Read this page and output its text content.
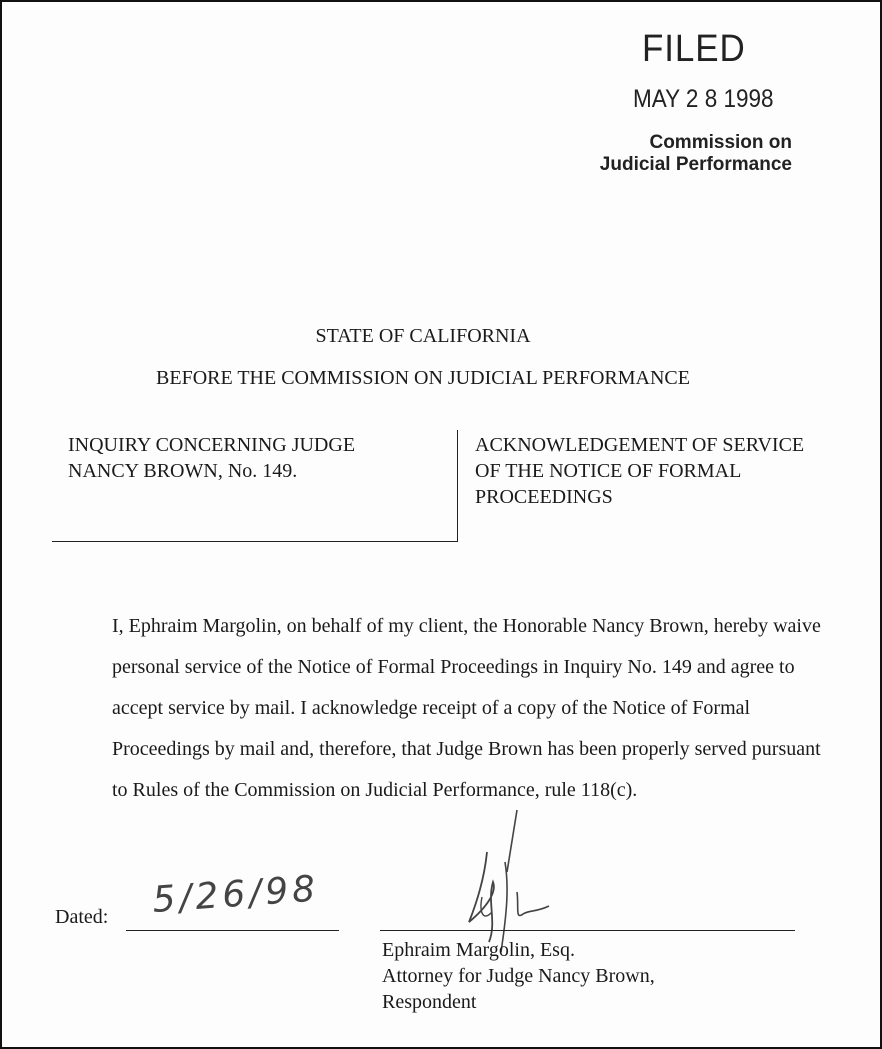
FILED
MAY 2 8 1998
Commission on
Judicial Performance
STATE OF CALIFORNIA
BEFORE THE COMMISSION ON JUDICIAL PERFORMANCE
INQUIRY CONCERNING JUDGE
NANCY BROWN, No. 149.
ACKNOWLEDGEMENT OF SERVICE
OF THE NOTICE OF FORMAL
PROCEEDINGS

I, Ephraim Margolin, on behalf of my client, the Honorable Nancy Brown, hereby waive personal service of the Notice of Formal Proceedings in Inquiry No. 149 and agree to accept service by mail. I acknowledge receipt of a copy of the Notice of Formal Proceedings by mail and, therefore, that Judge Brown has been properly served pursuant to Rules of the Commission on Judicial Performance, rule 118(c).

Dated: 5/26/98
Ephraim Margolin, Esq.
Attorney for Judge Nancy Brown,
Respondent
